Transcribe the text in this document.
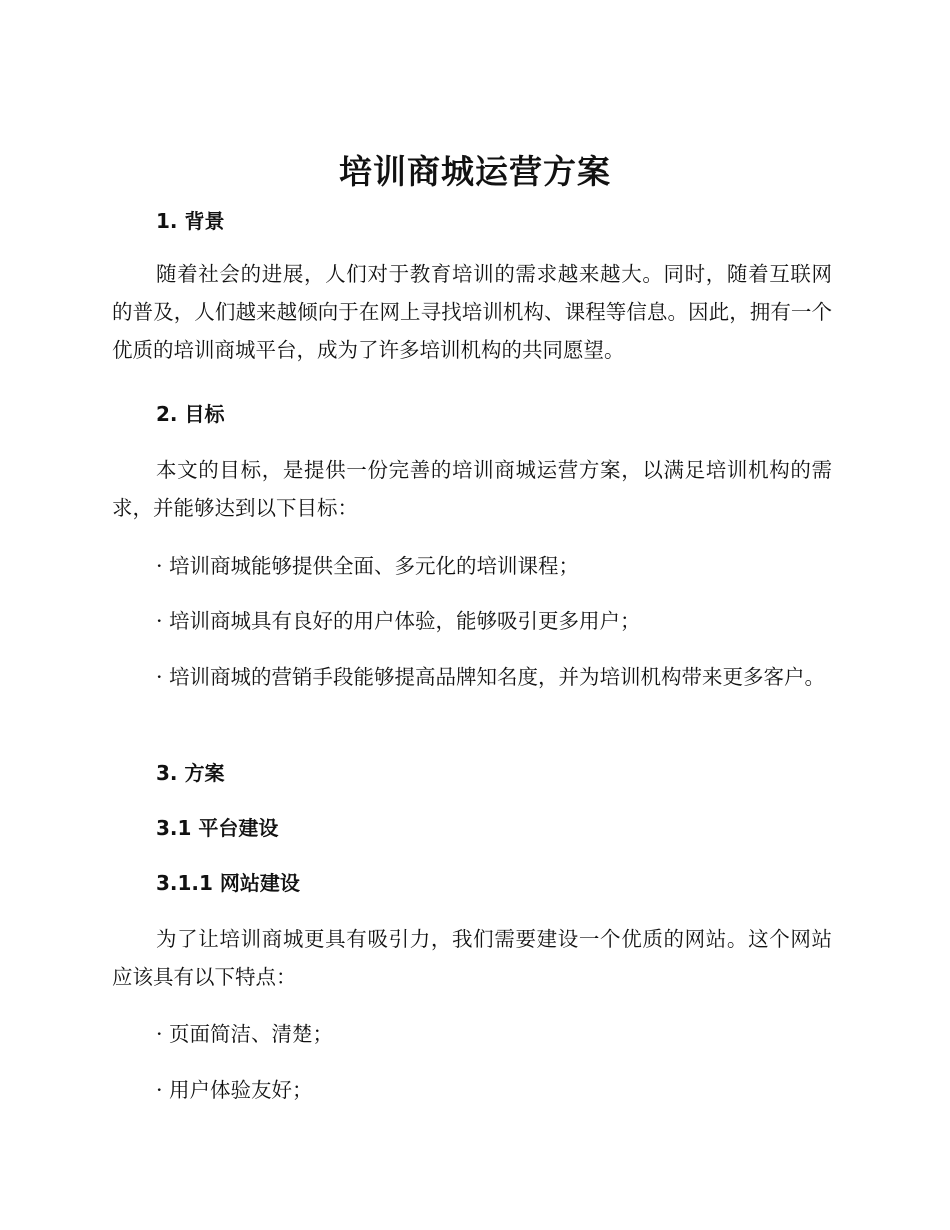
培训商城运营方案
1. 背景
随着社会的进展，人们对于教育培训的需求越来越大。同时，随着互联网的普及，人们越来越倾向于在网上寻找培训机构、课程等信息。因此，拥有一个优质的培训商城平台，成为了许多培训机构的共同愿望。
2. 目标
本文的目标，是提供一份完善的培训商城运营方案，以满足培训机构的需求，并能够达到以下目标：
· 培训商城能够提供全面、多元化的培训课程；
· 培训商城具有良好的用户体验，能够吸引更多用户；
· 培训商城的营销手段能够提高品牌知名度，并为培训机构带来更多客户。
3. 方案
3.1 平台建设
3.1.1 网站建设
为了让培训商城更具有吸引力，我们需要建设一个优质的网站。这个网站应该具有以下特点：
· 页面简洁、清楚；
· 用户体验友好；
